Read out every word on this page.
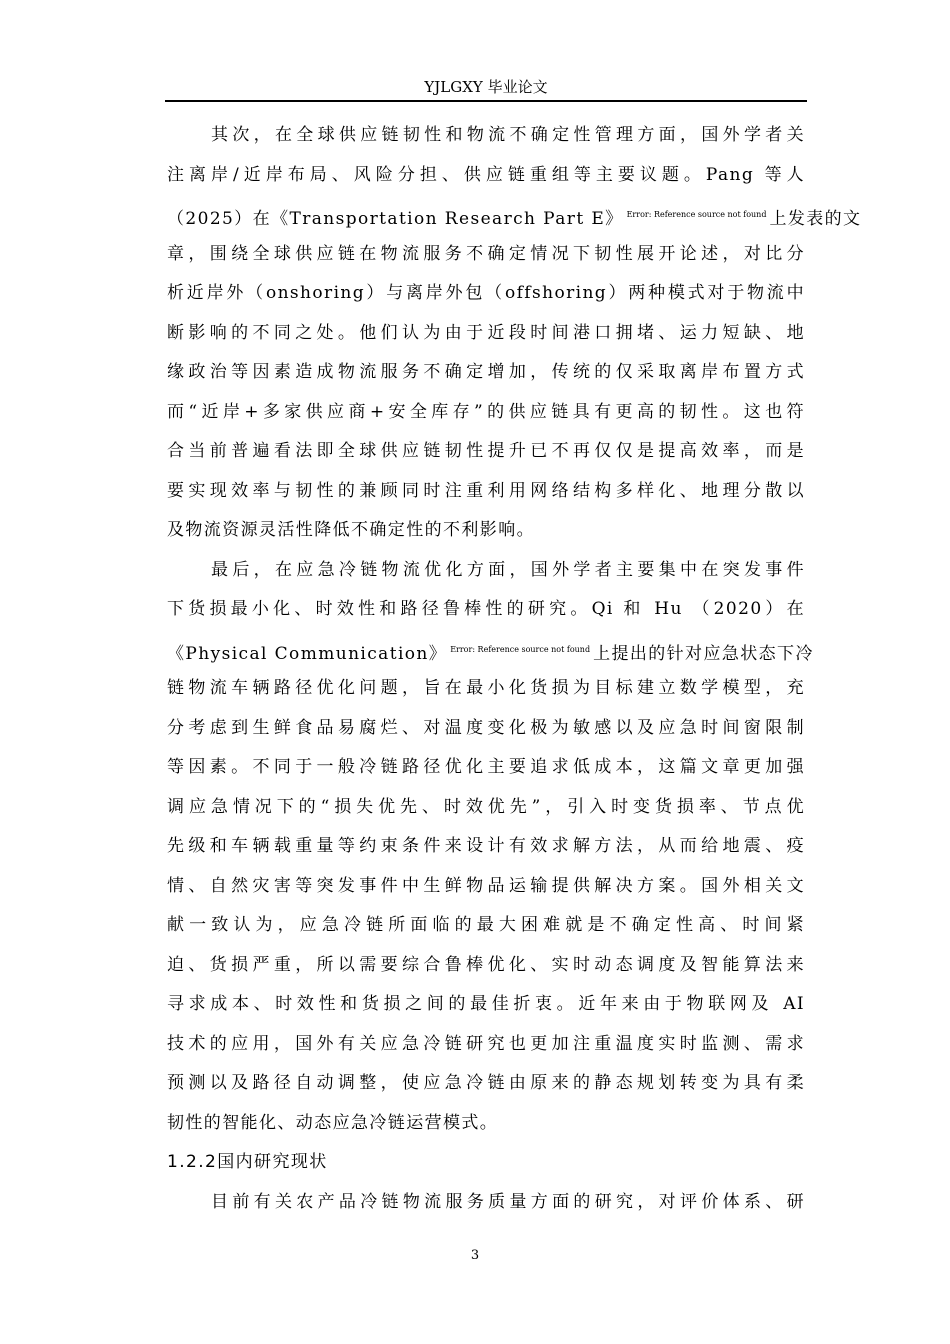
YJLGXY 毕业论文
其次，在全球供应链韧性和物流不确定性管理方面，国外学者关
注离岸/近岸布局、风险分担、供应链重组等主要议题。Pang 等人
（2025）在《Transportation Research Part E》 $^{Error: Reference source not found}$ 上发表的文
章，围绕全球供应链在物流服务不确定情况下韧性展开论述，对比分
析近岸外（onshoring）与离岸外包（offshoring）两种模式对于物流中
断影响的不同之处。他们认为由于近段时间港口拥堵、运力短缺、地
缘政治等因素造成物流服务不确定增加，传统的仅采取离岸布置方式
而“近岸+多家供应商+安全库存”的供应链具有更高的韧性。这也符
合当前普遍看法即全球供应链韧性提升已不再仅仅是提高效率，而是
要实现效率与韧性的兼顾同时注重利用网络结构多样化、地理分散以
及物流资源灵活性降低不确定性的不利影响。
最后，在应急冷链物流优化方面，国外学者主要集中在突发事件
下货损最小化、时效性和路径鲁棒性的研究。Qi 和 Hu （2020）在
《Physical Communication》 $^{Error: Reference source not found}$ 上提出的针对应急状态下冷
链物流车辆路径优化问题，旨在最小化货损为目标建立数学模型，充
分考虑到生鲜食品易腐烂、对温度变化极为敏感以及应急时间窗限制
等因素。不同于一般冷链路径优化主要追求低成本，这篇文章更加强
调应急情况下的“损失优先、时效优先”，引入时变货损率、节点优
先级和车辆载重量等约束条件来设计有效求解方法，从而给地震、疫
情、自然灾害等突发事件中生鲜物品运输提供解决方案。国外相关文
献一致认为，应急冷链所面临的最大困难就是不确定性高、时间紧
迫、货损严重，所以需要综合鲁棒优化、实时动态调度及智能算法来
寻求成本、时效性和货损之间的最佳折衷。近年来由于物联网及 AI
技术的应用，国外有关应急冷链研究也更加注重温度实时监测、需求
预测以及路径自动调整，使应急冷链由原来的静态规划转变为具有柔
韧性的智能化、动态应急冷链运营模式。
1.2.2国内研究现状
目前有关农产品冷链物流服务质量方面的研究，对评价体系、研
3
